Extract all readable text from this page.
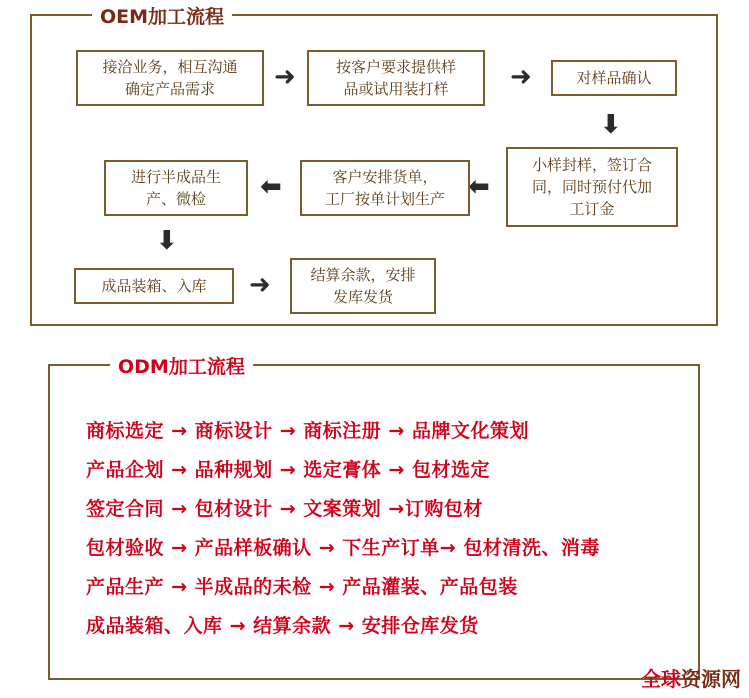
OEM加工流程
接洽业务，相互沟通
确定产品需求
➜
按客户要求提供样
品或试用装打样
➜
对样品确认
⬇
小样封样，签订合
同，同时预付代加
工订金
⬅
客户安排货单，
工厂按单计划生产
⬅
进行半成品生
产、微检
⬇
成品装箱、入库
➜
结算余款，安排
发库发货
ODM加工流程

商标选定 → 商标设计 → 商标注册 → 品牌文化策划

产品企划 → 品种规划 → 选定膏体 → 包材选定

签定合同 → 包材设计 → 文案策划 →订购包材

包材验收 → 产品样板确认 → 下生产订单→ 包材清洗、消毒

产品生产 → 半成品的未检 → 产品灌装、产品包装

成品装箱、入库 → 结算余款 → 安排仓库发货

全球资源网
